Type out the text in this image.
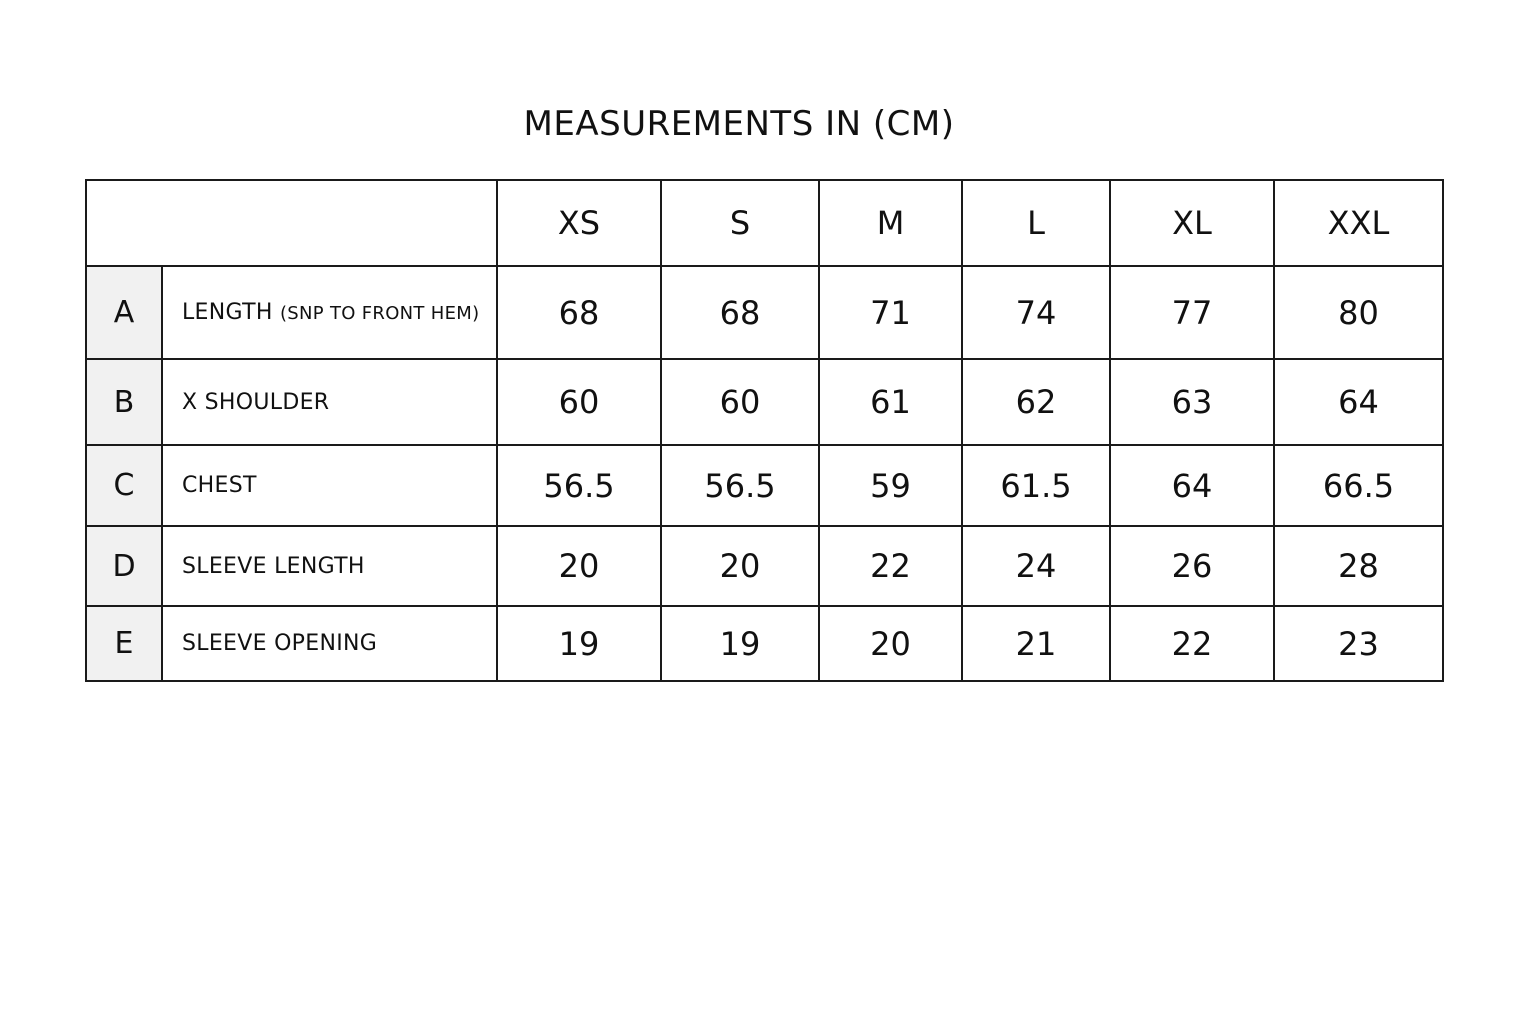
MEASUREMENTS IN (CM)
		XS	S	M	L	XL	XXL
A	LENGTH (SNP TO FRONT HEM)	68	68	71	74	77	80
B	X SHOULDER	60	60	61	62	63	64
C	CHEST	56.5	56.5	59	61.5	64	66.5
D	SLEEVE LENGTH	20	20	22	24	26	28
E	SLEEVE OPENING	19	19	20	21	22	23
